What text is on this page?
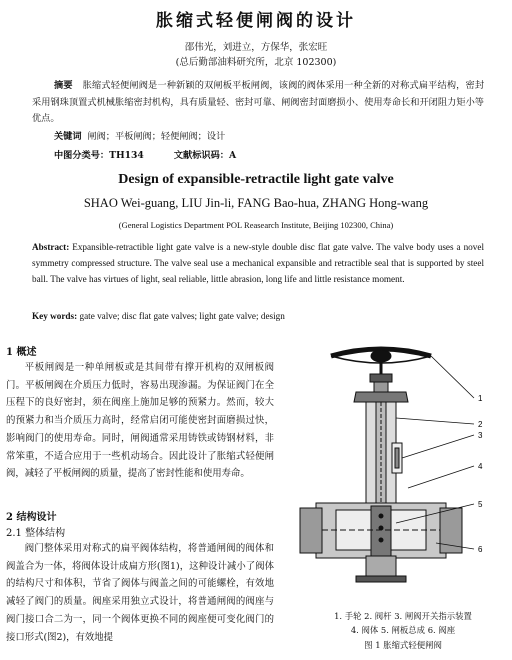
胀缩式轻便闸阀的设计
邵伟光，刘进立，方保华，张宏旺
(总后勤部油料研究所，北京 102300)
摘要 胀缩式轻便闸阀是一种新颖的双闸板平板闸阀，该阀的阀体采用一种全新的对称式扁平结构，密封采用钢珠顶置式机械胀缩密封机构，具有质量轻、密封可靠、闸阀密封面磨损小、使用寿命长和开闭阻力矩小等优点。
关键词 闸阀；平板闸阀；轻便闸阀；设计
中图分类号：TH134	文献标识码：A
Design of expansible-retractile light gate valve
SHAO Wei-guang, LIU Jin-li, FANG Bao-hua, ZHANG Hong-wang
(General Logistics Department POL Reasearch Institute, Beijing 102300, China)
Abstract: Expansible-retractible light gate valve is a new-style double disc flat gate valve. The valve body uses a novel symmetry compressed structure. The valve seal use a mechanical expansible and retractible seal that is supported by steel ball. The valve has virtues of light, seal reliable, little abrasion, long life and little resistance moment.
Key words: gate valve; disc flat gate valves; light gate valve; design
1 概述

平板闸阀是一种单闸板或是其间带有撑开机构的双闸板阀门。平板闸阀在介质压力低时，容易出现渗漏。为保证阀门在全压程下的良好密封，须在阀座上施加足够的预紧力。然而，较大的预紧力和当介质压力高时，经常启闭可能使密封面磨损过快，影响阀门的使用寿命。同时，闸阀通常采用铸铁或铸钢材料，非常笨重，不适合应用于一些机动场合。因此设计了胀缩式轻便闸阀，减轻了平板闸阀的质量，提高了密封性能和使用寿命。

2 结构设计
2.1 整体结构

阀门整体采用对称式的扁平阀体结构，将普通闸阀的阀体和阀盖合为一体，将阀体设计成扁方形(图1)，这种设计减小了阀体的结构尺寸和体积，节省了阀体与阀盖之间的可能螺栓，有效地减轻了阀门的质量。阀座采用独立式设计，将普通闸阀的阀座与阀门接口合二为一，同一个阀体更换不同的阀座便可变化阀门的接口形式(图2)，有效地提

1
2
3
4
5
6
1. 手轮 2. 阀杆 3. 闸阀开关指示装置
4. 阀体 5. 闸板总成 6. 阀座
图 1 胀缩式轻便闸阀
